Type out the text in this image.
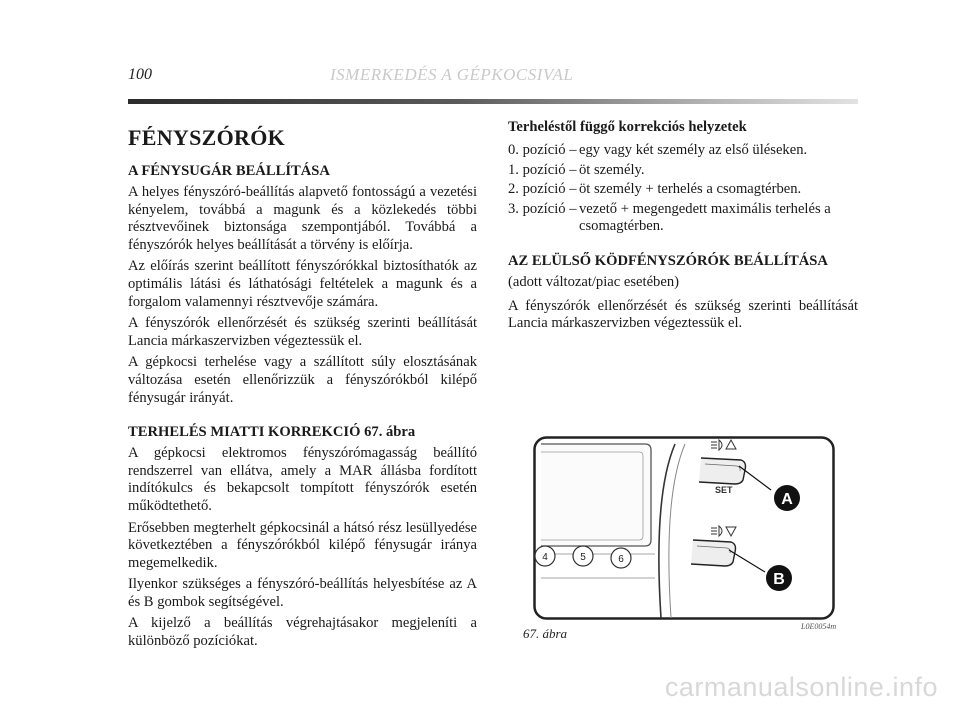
100	ISMERKEDÉS A GÉPKOCSIVAL
FÉNYSZÓRÓK
A FÉNYSUGÁR BEÁLLÍTÁSA

A helyes fényszóró-beállítás alapvető fontosságú a vezetési kényelem, továbbá a magunk és a közlekedés többi résztvevőinek biztonsága szempontjából. Továbbá a fényszórók helyes beállítását a törvény is előírja.

Az előírás szerint beállított fényszórókkal biztosíthatók az optimális látási és láthatósági feltételek a magunk és a forgalom valamennyi résztvevője számára.

A fényszórók ellenőrzését és szükség szerinti beállítását Lancia márkaszervizben végeztessük el.

A gépkocsi terhelése vagy a szállított súly elosztásának változása esetén ellenőrizzük a fényszórókból kilépő fénysugár irányát.

TERHELÉS MIATTI KORREKCIÓ 67. ábra

A gépkocsi elektromos fényszórómagasság beállító rendszerrel van ellátva, amely a MAR állásba fordított indítókulcs és bekapcsolt tompított fényszórók esetén működtethető.

Erősebben megterhelt gépkocsinál a hátsó rész lesüllyedése következtében a fényszórókból kilépő fénysugár iránya megemelkedik.

Ilyenkor szükséges a fényszóró-beállítás helyesbítése az A és B gombok segítségével.

A kijelző a beállítás végrehajtásakor megjeleníti a különböző pozíciókat.

Terheléstől függő korrekciós helyzetek
0. pozíció – egy vagy két személy az első üléseken.
1. pozíció – öt személy.
2. pozíció – öt személy + terhelés a csomagtérben.
3. pozíció – vezető + megengedett maximális terhelés a csomagtérben.
AZ ELÜLSŐ KÖDFÉNYSZÓRÓK BEÁLLÍTÁSA

(adott változat/piac esetében)

A fényszórók ellenőrzését és szükség szerinti beállítását Lancia márkaszervizben végeztessük el.

4	5	6
SET
A
B
67. ábra	L0E0054m
carmanualsonline.info
